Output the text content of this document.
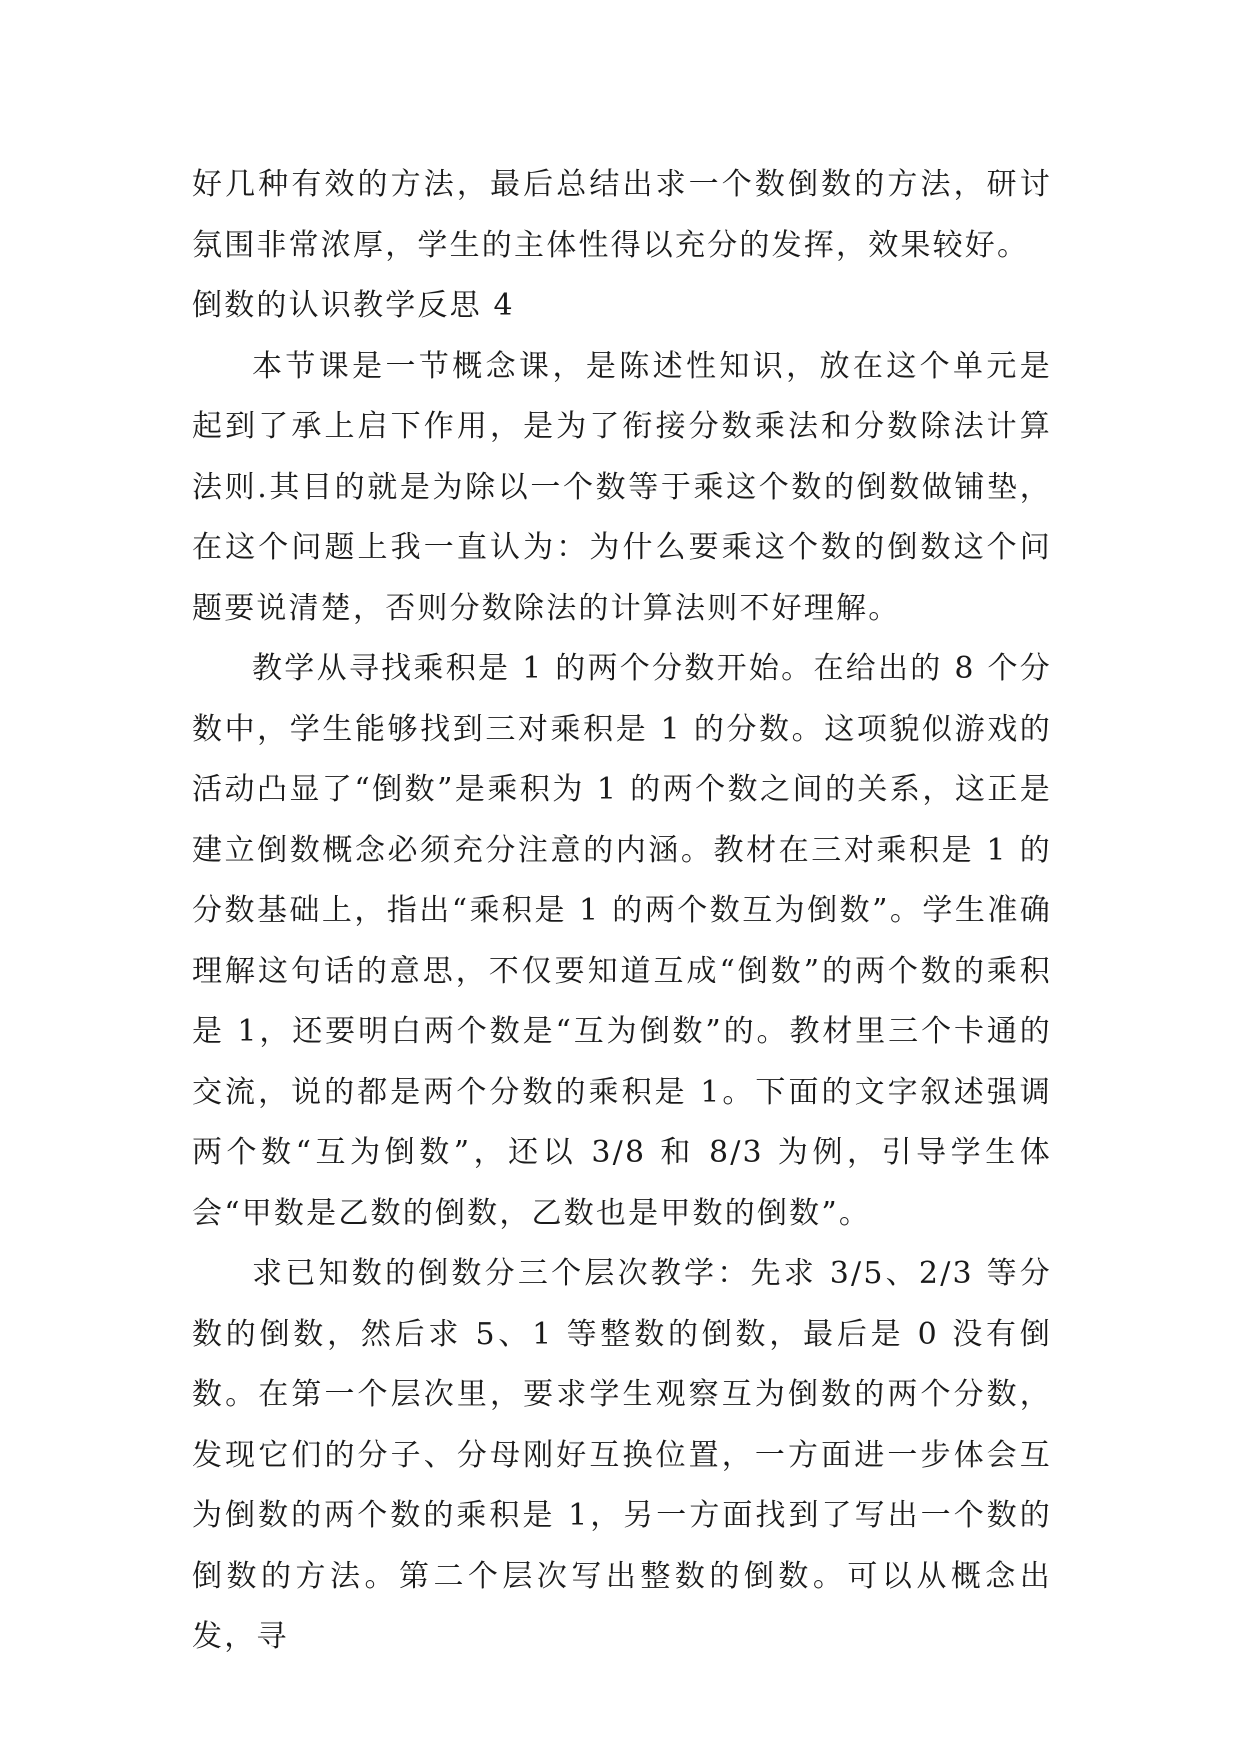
好几种有效的方法，最后总结出求一个数倒数的方法，研讨氛围非常浓厚，学生的主体性得以充分的发挥，效果较好。

倒数的认识教学反思 4

本节课是一节概念课，是陈述性知识，放在这个单元是起到了承上启下作用，是为了衔接分数乘法和分数除法计算法则.其目的就是为除以一个数等于乘这个数的倒数做铺垫，在这个问题上我一直认为：为什么要乘这个数的倒数这个问题要说清楚，否则分数除法的计算法则不好理解。

教学从寻找乘积是 1 的两个分数开始。在给出的 8 个分数中，学生能够找到三对乘积是 1 的分数。这项貌似游戏的活动凸显了“倒数”是乘积为 1 的两个数之间的关系，这正是建立倒数概念必须充分注意的内涵。教材在三对乘积是 1 的分数基础上，指出“乘积是 1 的两个数互为倒数”。学生准确理解这句话的意思，不仅要知道互成“倒数”的两个数的乘积是 1，还要明白两个数是“互为倒数”的。教材里三个卡通的交流，说的都是两个分数的乘积是 1。下面的文字叙述强调两个数“互为倒数”，还以 3/8 和 8/3 为例，引导学生体会“甲数是乙数的倒数，乙数也是甲数的倒数”。

求已知数的倒数分三个层次教学：先求 3/5、2/3 等分数的倒数，然后求 5、1 等整数的倒数，最后是 0 没有倒数。在第一个层次里，要求学生观察互为倒数的两个分数，发现它们的分子、分母刚好互换位置，一方面进一步体会互为倒数的两个数的乘积是 1，另一方面找到了写出一个数的倒数的方法。第二个层次写出整数的倒数。可以从概念出发，寻
